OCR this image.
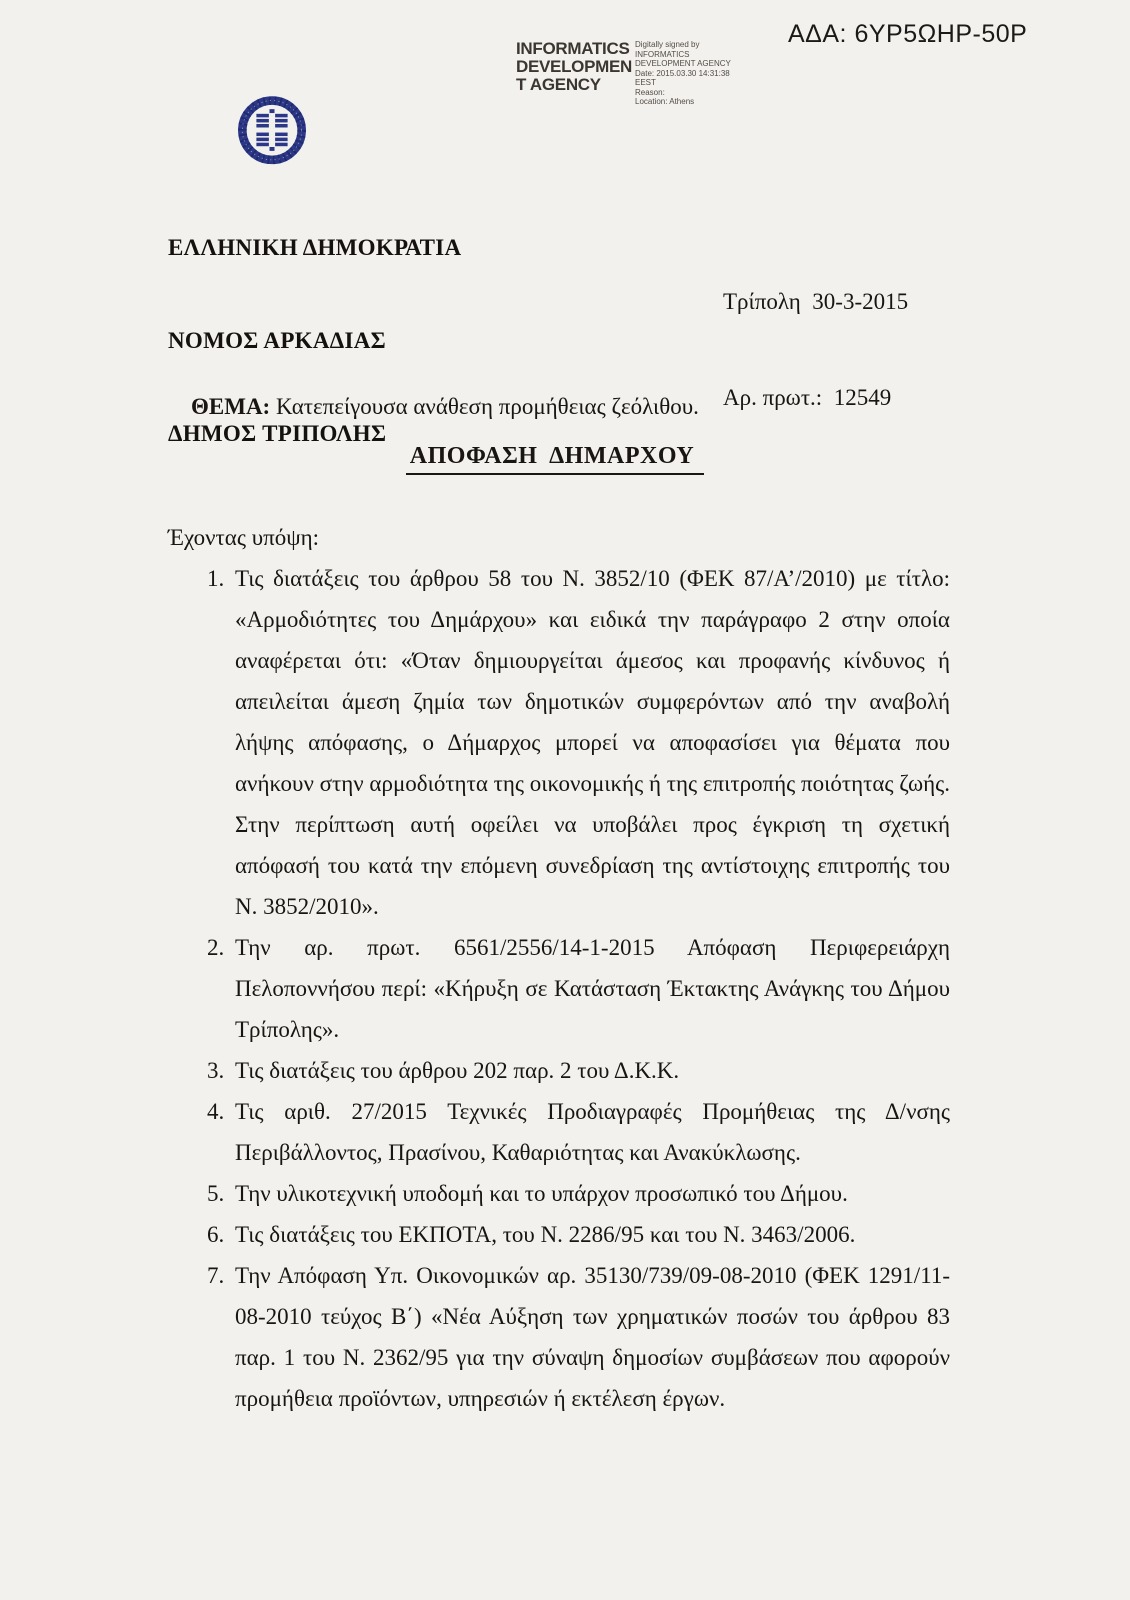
ΑΔΑ: 6ΥΡ5ΩΗΡ-50Ρ
INFORMATICS
DEVELOPMEN
T AGENCY
Digitally signed by
INFORMATICS
DEVELOPMENT AGENCY
Date: 2015.03.30 14:31:38
EEST
Reason:
Location: Athens

ΕΛΛΗΝΙΚΗ ΔΗΜΟΚΡΑΤΙΑ

ΝΟΜΟΣ ΑΡΚΑΔΙΑΣ

ΔΗΜΟΣ ΤΡΙΠΟΛΗΣ

Τρίπολη  30-3-2015

Αρ. πρωτ.:  12549

ΘΕΜΑ: Κατεπείγουσα ανάθεση προμήθειας ζεόλιθου.

ΑΠΟΦΑΣΗ  ΔΗΜΑΡΧΟΥ
Έχοντας υπόψη:
1. Τις διατάξεις του άρθρου 58 του Ν. 3852/10 (ΦΕΚ 87/Α’/2010) με τίτλο: «Αρμοδιότητες του Δημάρχου» και ειδικά την παράγραφο 2 στην οποία αναφέρεται ότι: «Όταν δημιουργείται άμεσος και προφανής κίνδυνος ή απειλείται άμεση ζημία των δημοτικών συμφερόντων από την αναβολή λήψης απόφασης, ο Δήμαρχος μπορεί να αποφασίσει για θέματα που ανήκουν στην αρμοδιότητα της οικονομικής ή της επιτροπής ποιότητας ζωής. Στην περίπτωση αυτή οφείλει να υποβάλει προς έγκριση τη σχετική απόφασή του κατά την επόμενη συνεδρίαση της αντίστοιχης επιτροπής του Ν. 3852/2010».
2. Την αρ. πρωτ. 6561/2556/14-1-2015 Απόφαση Περιφερειάρχη Πελοποννήσου περί: «Κήρυξη σε Κατάσταση Έκτακτης Ανάγκης του Δήμου Τρίπολης».
3. Τις διατάξεις του άρθρου 202 παρ. 2 του Δ.Κ.Κ.
4. Τις αριθ. 27/2015 Τεχνικές Προδιαγραφές Προμήθειας της Δ/νσης Περιβάλλοντος, Πρασίνου, Καθαριότητας και Ανακύκλωσης.
5. Την υλικοτεχνική υποδομή και το υπάρχον προσωπικό του Δήμου.
6. Τις διατάξεις του ΕΚΠΟΤΑ, του Ν. 2286/95 και του Ν. 3463/2006.
7. Την Απόφαση Υπ. Οικονομικών αρ. 35130/739/09-08-2010 (ΦΕΚ 1291/11-08-2010 τεύχος Β΄) «Νέα Αύξηση των χρηματικών ποσών του άρθρου 83 παρ. 1 του Ν. 2362/95 για την σύναψη δημοσίων συμβάσεων που αφορούν προμήθεια προϊόντων, υπηρεσιών ή εκτέλεση έργων.
